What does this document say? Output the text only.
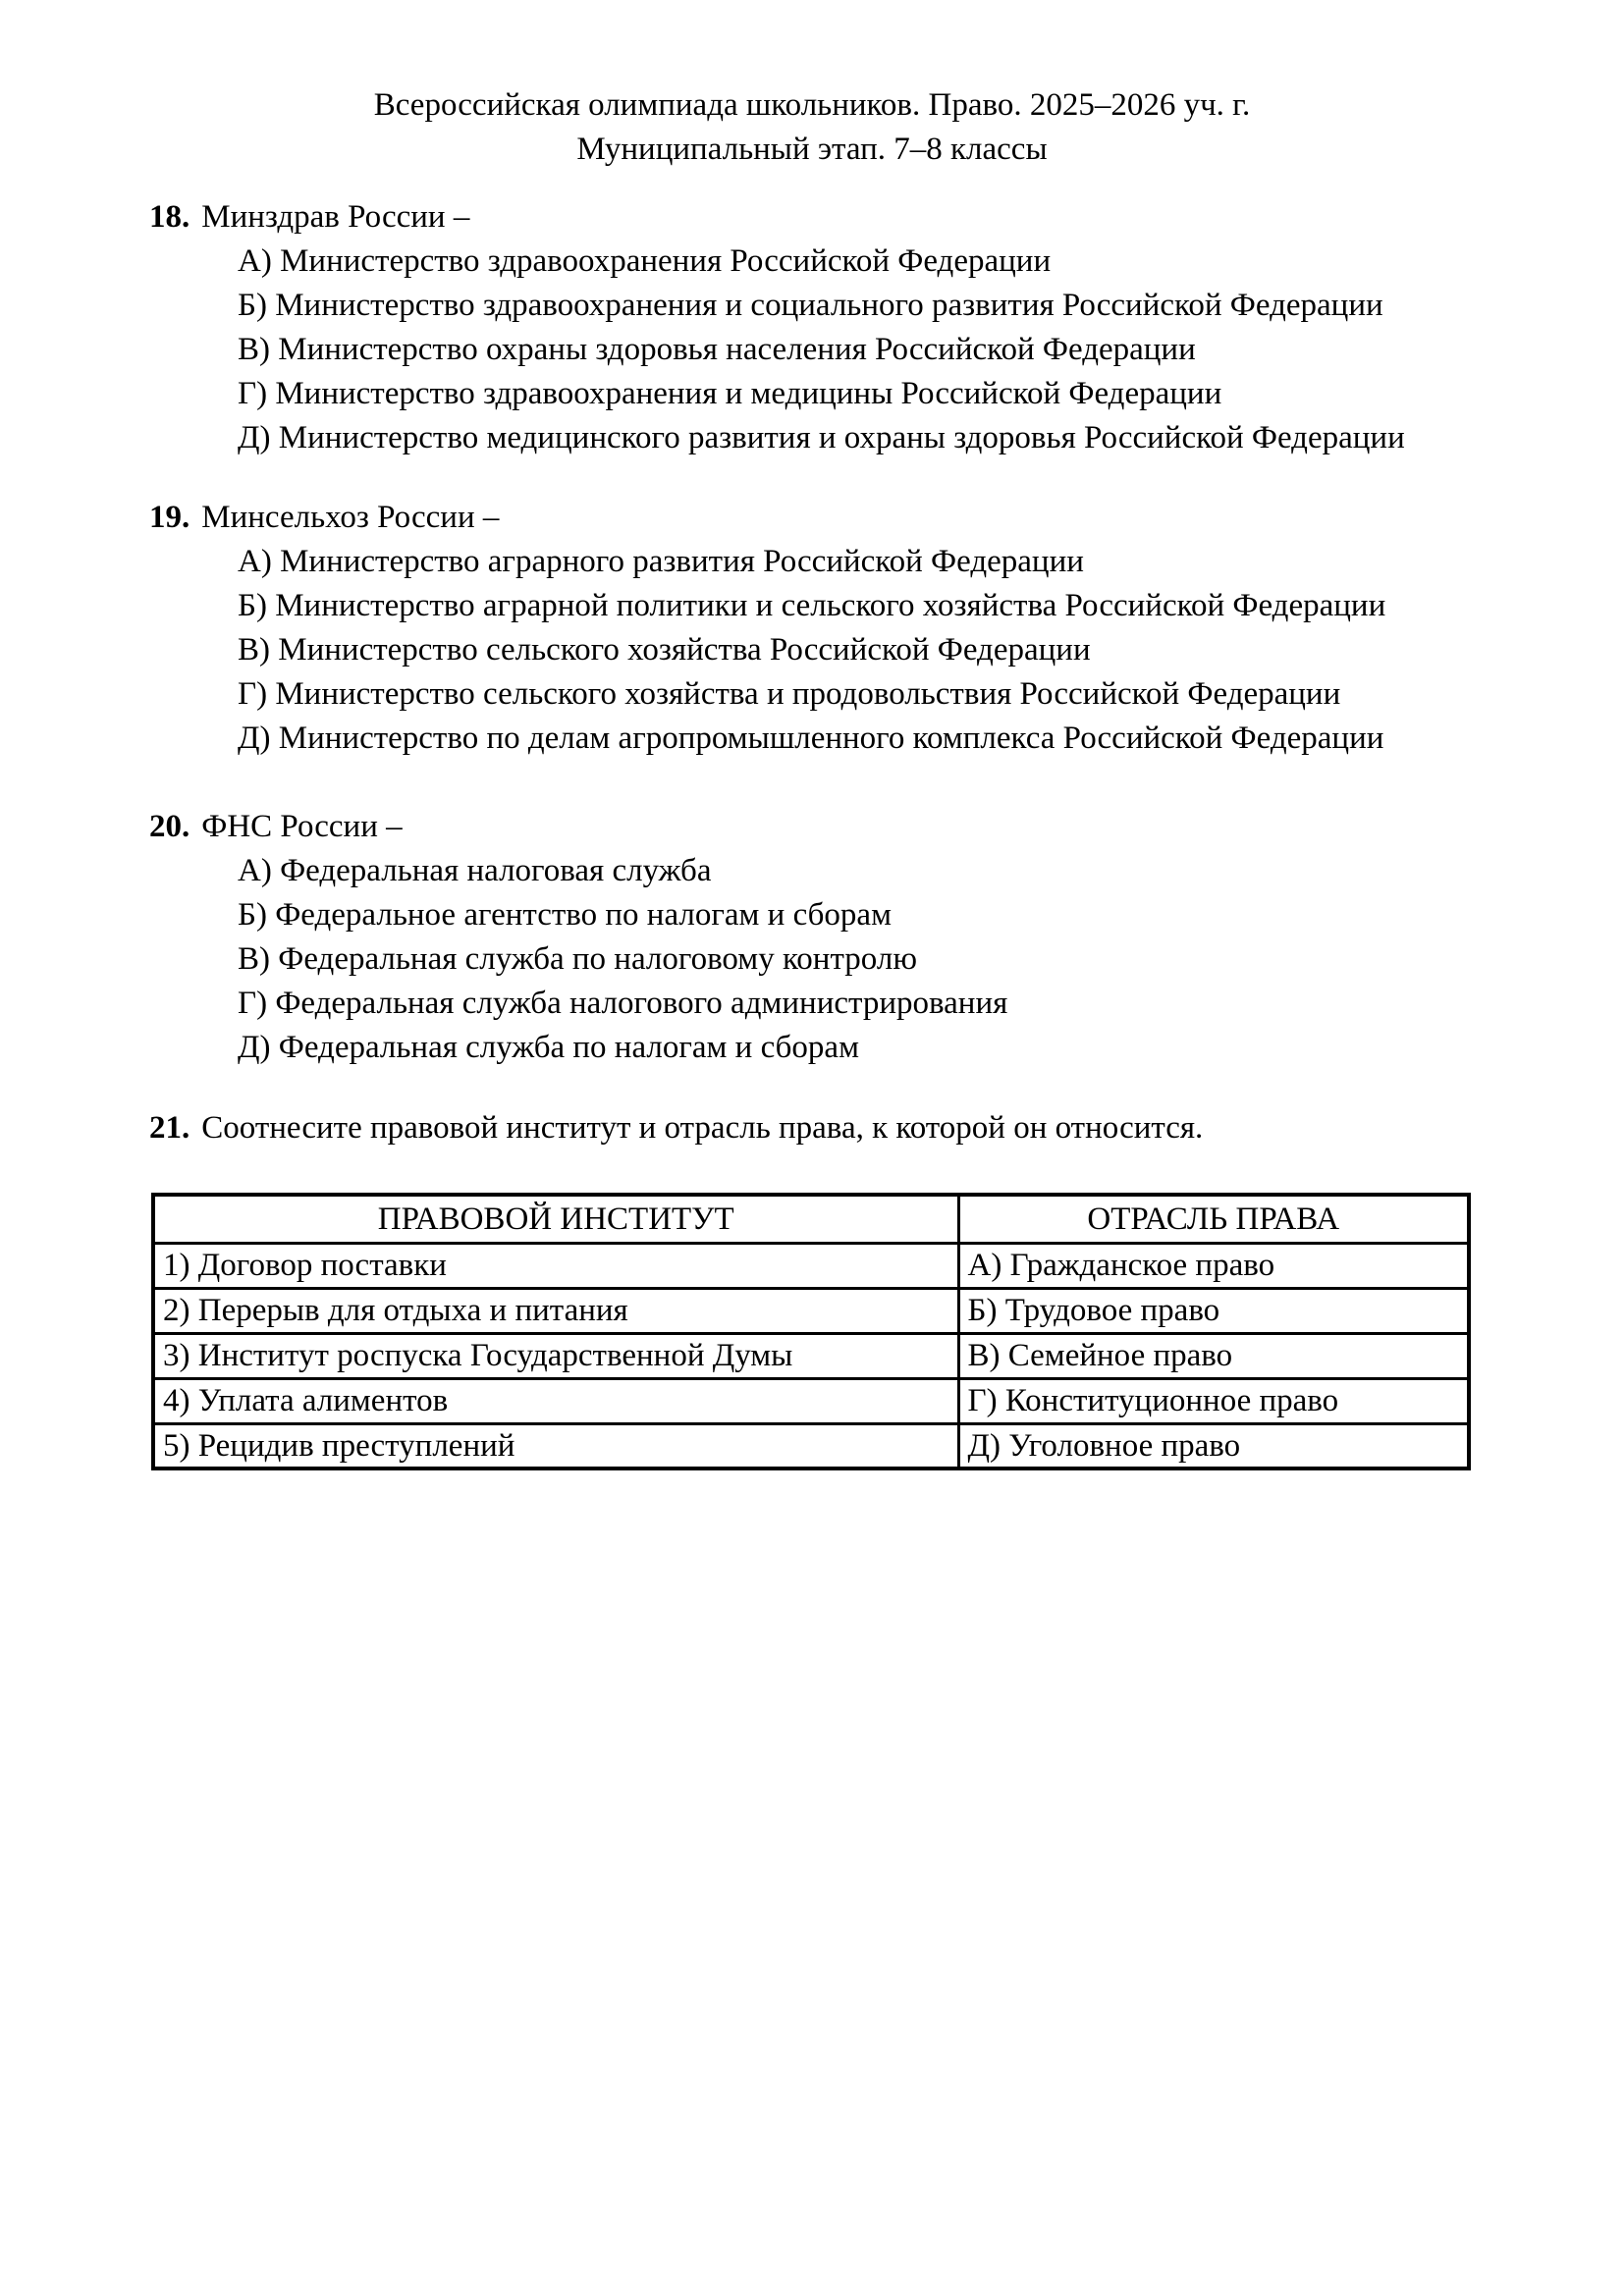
Всероссийская олимпиада школьников. Право. 2025–2026 уч. г.
Муниципальный этап. 7–8 классы

18. Минздрав России –

А) Министерство здравоохранения Российской Федерации

Б) Министерство здравоохранения и социального развития Российской Федерации

В) Министерство охраны здоровья населения Российской Федерации

Г) Министерство здравоохранения и медицины Российской Федерации

Д) Министерство медицинского развития и охраны здоровья Российской Федерации

19. Минсельхоз России –

А) Министерство аграрного развития Российской Федерации

Б) Министерство аграрной политики и сельского хозяйства Российской Федерации

В) Министерство сельского хозяйства Российской Федерации

Г) Министерство сельского хозяйства и продовольствия Российской Федерации

Д) Министерство по делам агропромышленного комплекса Российской Федерации

20. ФНС России –

А) Федеральная налоговая служба

Б) Федеральное агентство по налогам и сборам

В) Федеральная служба по налоговому контролю

Г) Федеральная служба налогового администрирования

Д) Федеральная служба по налогам и сборам

21. Соотнесите правовой институт и отрасль права, к которой он относится.

ПРАВОВОЙ ИНСТИТУТ	ОТРАСЛЬ ПРАВА
1) Договор поставки	А) Гражданское право
2) Перерыв для отдыха и питания	Б) Трудовое право
3) Институт роспуска Государственной Думы	В) Семейное право
4) Уплата алиментов	Г) Конституционное право
5) Рецидив преступлений	Д) Уголовное право
